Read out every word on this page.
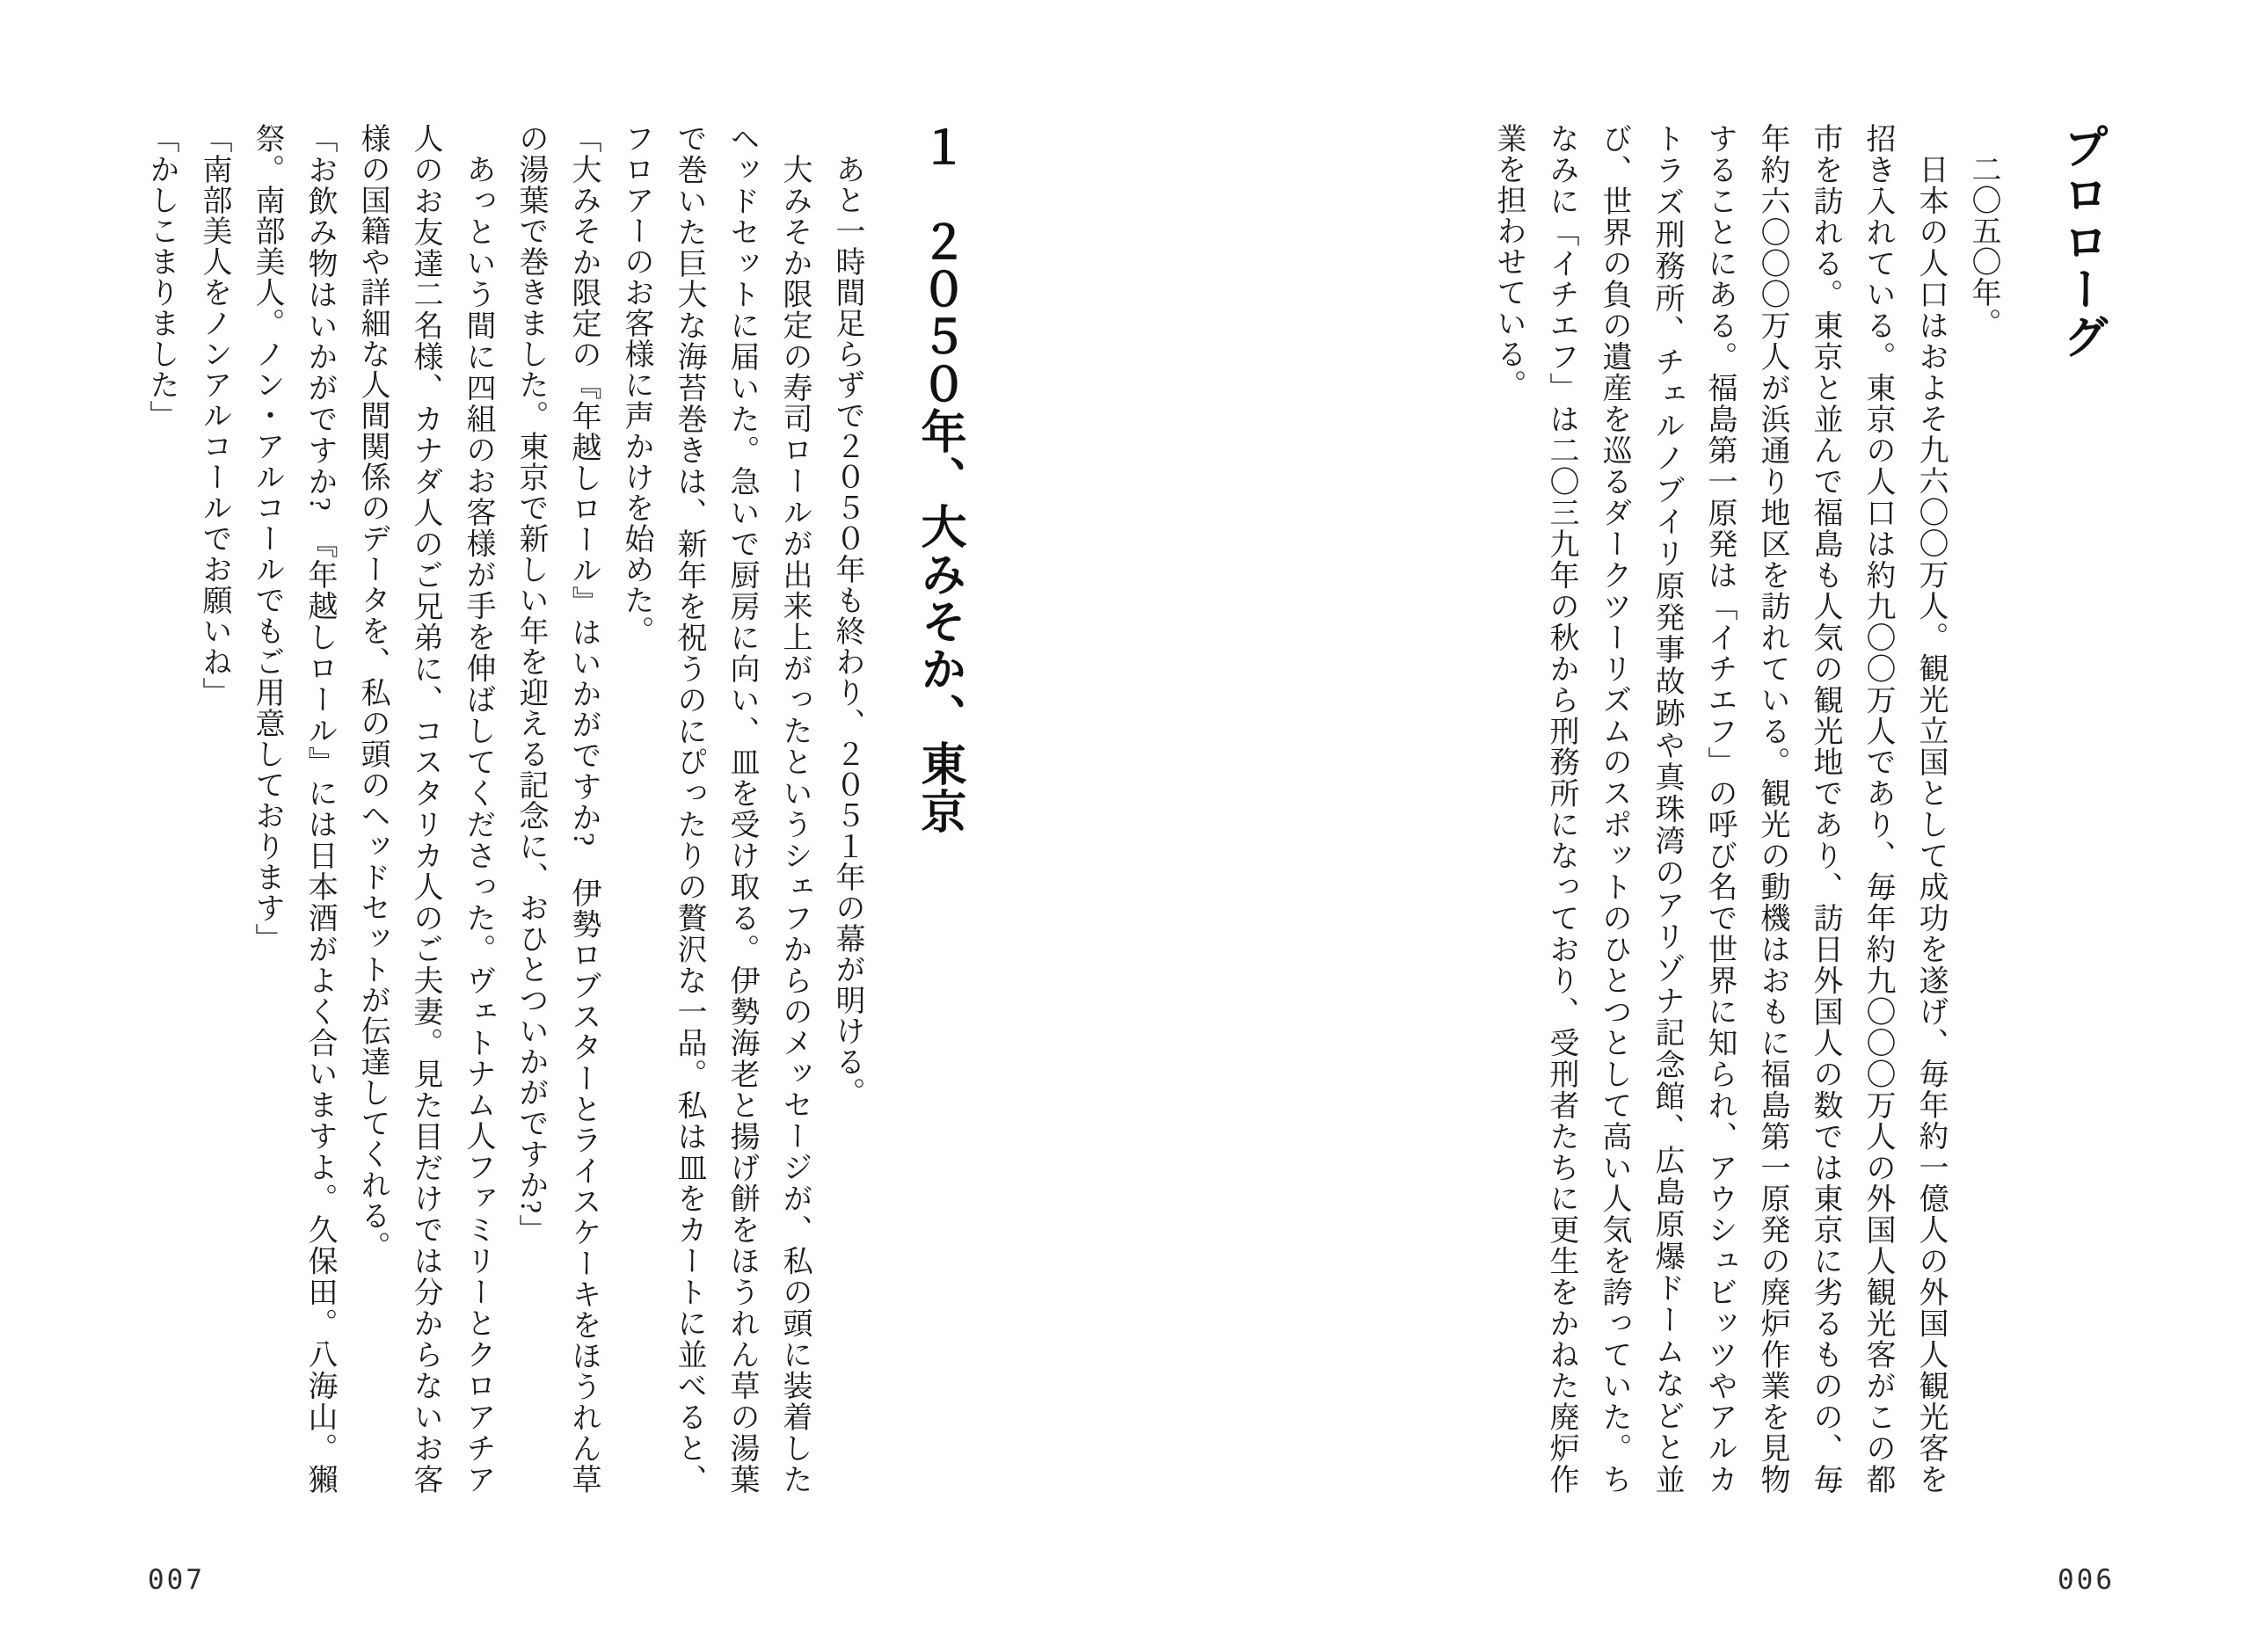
プロローグ

二〇五〇年。

日本の人口はおよそ九六〇〇万人。観光立国として成功を遂げ、毎年約一億人の外国人観光客を招き入れている。東京の人口は約九〇〇万人であり、毎年約九〇〇〇万人の外国人観光客がこの都市を訪れる。東京と並んで福島も人気の観光地であり、訪日外国人の数では東京に劣るものの、毎年約六〇〇〇万人が浜通り地区を訪れている。観光の動機はおもに福島第一原発の廃炉作業を見物することにある。福島第一原発は「イチエフ」の呼び名で世界に知られ、アウシュビッツやアルカトラズ刑務所、チェルノブイリ原発事故跡や真珠湾のアリゾナ記念館、広島原爆ドームなどと並び、世界の負の遺産を巡るダークツーリズムのスポットのひとつとして高い人気を誇っていた。ちなみに「イチエフ」は二〇三九年の秋から刑務所になっており、受刑者たちに更生をかねた廃炉作業を担わせている。

１　２０５０年、大みそか、東京

あと一時間足らずで２０５０年も終わり、２０５１年の幕が明ける。

大みそか限定の寿司ロールが出来上がったというシェフからのメッセージが、私の頭に装着したヘッドセットに届いた。急いで厨房に向い、皿を受け取る。伊勢海老と揚げ餅をほうれん草の湯葉で巻いた巨大な海苔巻きは、新年を祝うのにぴったりの贅沢な一品。私は皿をカートに並べると、フロアーのお客様に声かけを始めた。

「大みそか限定の『年越しロール』はいかがですか?　伊勢ロブスターとライスケーキをほうれん草の湯葉で巻きました。東京で新しい年を迎える記念に、おひとついかがですか?」

あっという間に四組のお客様が手を伸ばしてくださった。ヴェトナム人ファミリーとクロアチア人のお友達二名様、カナダ人のご兄弟に、コスタリカ人のご夫妻。見た目だけでは分からないお客様の国籍や詳細な人間関係のデータを、私の頭のヘッドセットが伝達してくれる。

「お飲み物はいかがですか?　『年越しロール』には日本酒がよく合いますよ。久保田。八海山。獺祭。南部美人。ノン・アルコールでもご用意しております」

「南部美人をノンアルコールでお願いね」

「かしこまりました」

007	006
